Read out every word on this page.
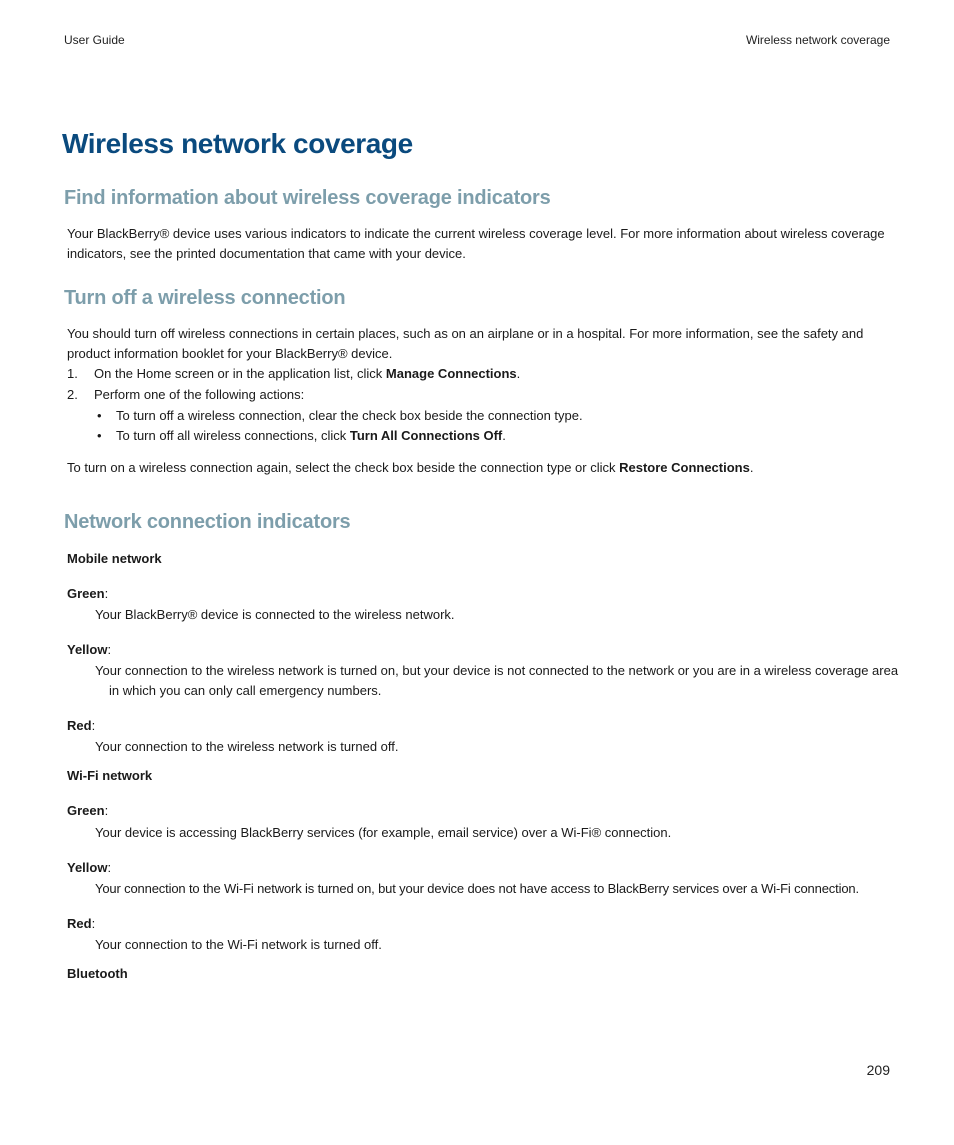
User Guide	Wireless network coverage
Wireless network coverage
Find information about wireless coverage indicators

Your BlackBerry® device uses various indicators to indicate the current wireless coverage level. For more information about wireless coverage indicators, see the printed documentation that came with your device.

Turn off a wireless connection

You should turn off wireless connections in certain places, such as on an airplane or in a hospital. For more information, see the safety and product information booklet for your BlackBerry® device.

1. On the Home screen or in the application list, click Manage Connections.
2. Perform one of the following actions:
• To turn off a wireless connection, clear the check box beside the connection type.
• To turn off all wireless connections, click Turn All Connections Off.

To turn on a wireless connection again, select the check box beside the connection type or click Restore Connections.

Network connection indicators
Mobile network
Green:

Your BlackBerry® device is connected to the wireless network.

Yellow:

Your connection to the wireless network is turned on, but your device is not connected to the network or you are in a wireless coverage area in which you can only call emergency numbers.

Red:

Your connection to the wireless network is turned off.

Wi-Fi network
Green:

Your device is accessing BlackBerry services (for example, email service) over a Wi-Fi® connection.

Yellow:

Your connection to the Wi-Fi network is turned on, but your device does not have access to BlackBerry services over a Wi-Fi connection.

Red:

Your connection to the Wi-Fi network is turned off.

Bluetooth
209
